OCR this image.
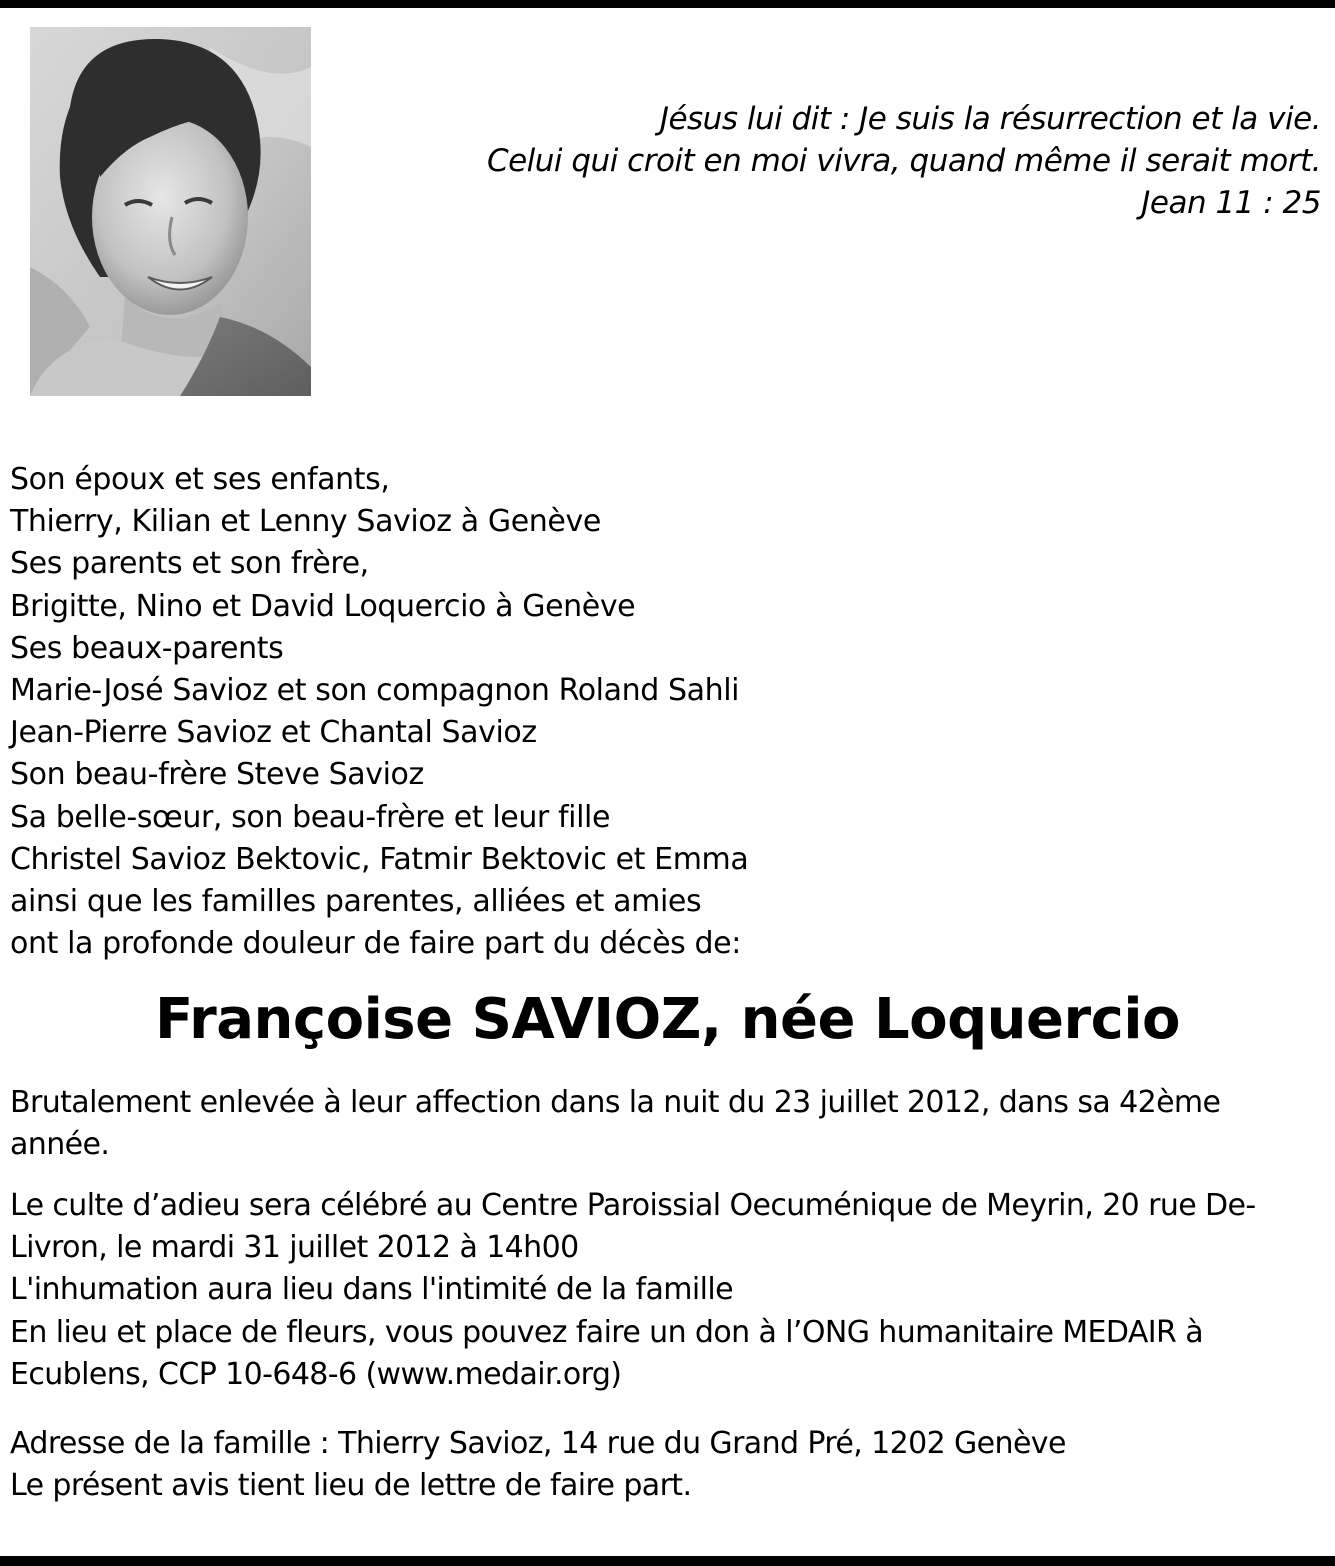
Jésus lui dit : Je suis la résurrection et la vie.
Celui qui croit en moi vivra, quand même il serait mort.
Jean 11 : 25
Son époux et ses enfants,
Thierry, Kilian et Lenny Savioz à Genève
Ses parents et son frère,
Brigitte, Nino et David Loquercio à Genève
Ses beaux-parents
Marie-José Savioz et son compagnon Roland Sahli
Jean-Pierre Savioz et Chantal Savioz
Son beau-frère Steve Savioz
Sa belle-sœur, son beau-frère et leur fille
Christel Savioz Bektovic, Fatmir Bektovic et Emma
ainsi que les familles parentes, alliées et amies
ont la profonde douleur de faire part du décès de:
Françoise SAVIOZ, née Loquercio
Brutalement enlevée à leur affection dans la nuit du 23 juillet 2012, dans sa 42ème
année.
Le culte d’adieu sera célébré au Centre Paroissial Oecuménique de Meyrin, 20 rue De-
Livron, le mardi 31 juillet 2012 à 14h00
L'inhumation aura lieu dans l'intimité de la famille
En lieu et place de fleurs, vous pouvez faire un don à l’ONG humanitaire MEDAIR à
Ecublens, CCP 10-648-6 (www.medair.org)
Adresse de la famille : Thierry Savioz, 14 rue du Grand Pré, 1202 Genève
Le présent avis tient lieu de lettre de faire part.
